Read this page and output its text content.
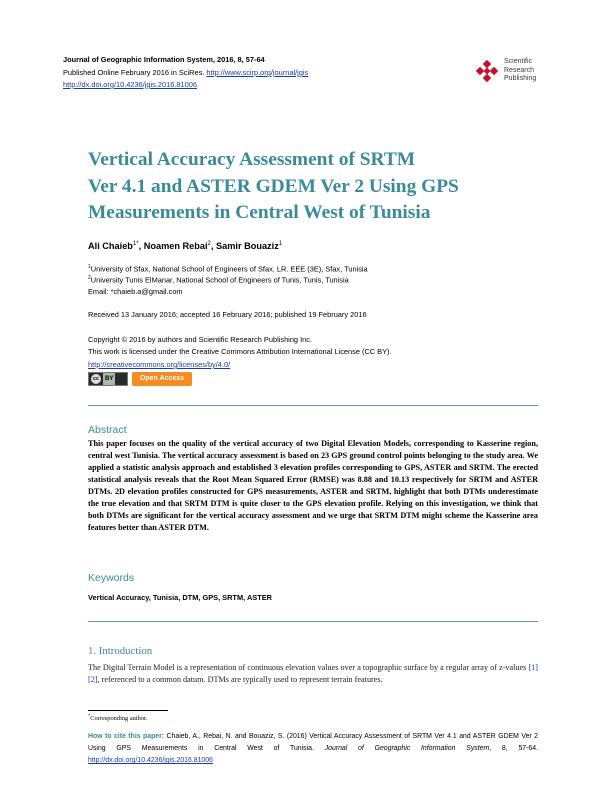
Journal of Geographic Information System, 2016, 8, 57-64
Published Online February 2016 in SciRes. http://www.scirp.org/journal/jgis
http://dx.doi.org/10.4236/jgis.2016.81006
Scientific
Research
Publishing
Vertical Accuracy Assessment of SRTM
Ver 4.1 and ASTER GDEM Ver 2 Using GPS
Measurements in Central West of Tunisia
Ali Chaieb$^{1*}$, Noamen Rebai$^2$, Samir Bouaziz$^1$
$^1$University of Sfax, National School of Engineers of Sfax. LR. EEE (3E), Sfax, Tunisia
$^2$University Tunis ElManar, National School of Engineers of Tunis, Tunis, Tunisia
Email: *chaieb.a@gmail.com
Received 13 January 2016; accepted 16 February 2016; published 19 February 2016
Copyright © 2016 by authors and Scientific Research Publishing Inc.
This work is licensed under the Creative Commons Attribution International License (CC BY).
http://creativecommons.org/licenses/by/4.0/
cc BY	Open Access
Abstract
This paper focuses on the quality of the vertical accuracy of two Digital Elevation Models, corresponding to Kasserine region, central west Tunisia. The vertical accuracy assessment is based on 23 GPS ground control points belonging to the study area. We applied a statistic analysis approach and established 3 elevation profiles corresponding to GPS, ASTER and SRTM. The erected statistical analysis reveals that the Root Mean Squared Error (RMSE) was 8.88 and 10.13 respectively for SRTM and ASTER DTMs. 2D elevation profiles constructed for GPS measurements, ASTER and SRTM, highlight that both DTMs underestimate the true elevation and that SRTM DTM is quite closer to the GPS elevation profile. Relying on this investigation, we think that both DTMs are significant for the vertical accuracy assessment and we urge that SRTM DTM might scheme the Kasserine area features better than ASTER DTM.
Keywords
Vertical Accuracy, Tunisia, DTM, GPS, SRTM, ASTER
1. Introduction
The Digital Terrain Model is a representation of continuous elevation values over a topographic surface by a regular array of z-values [1] [2], referenced to a common datum. DTMs are typically used to represent terrain features.
*Corresponding author.
How to cite this paper: Chaieb, A., Rebai, N. and Bouaziz, S. (2016) Vertical Accuracy Assessment of SRTM Ver 4.1 and ASTER GDEM Ver 2 Using GPS Measurements in Central West of Tunisia. Journal of Geographic Information System, 8, 57-64. http://dx.doi.org/10.4236/jgis.2016.81006
